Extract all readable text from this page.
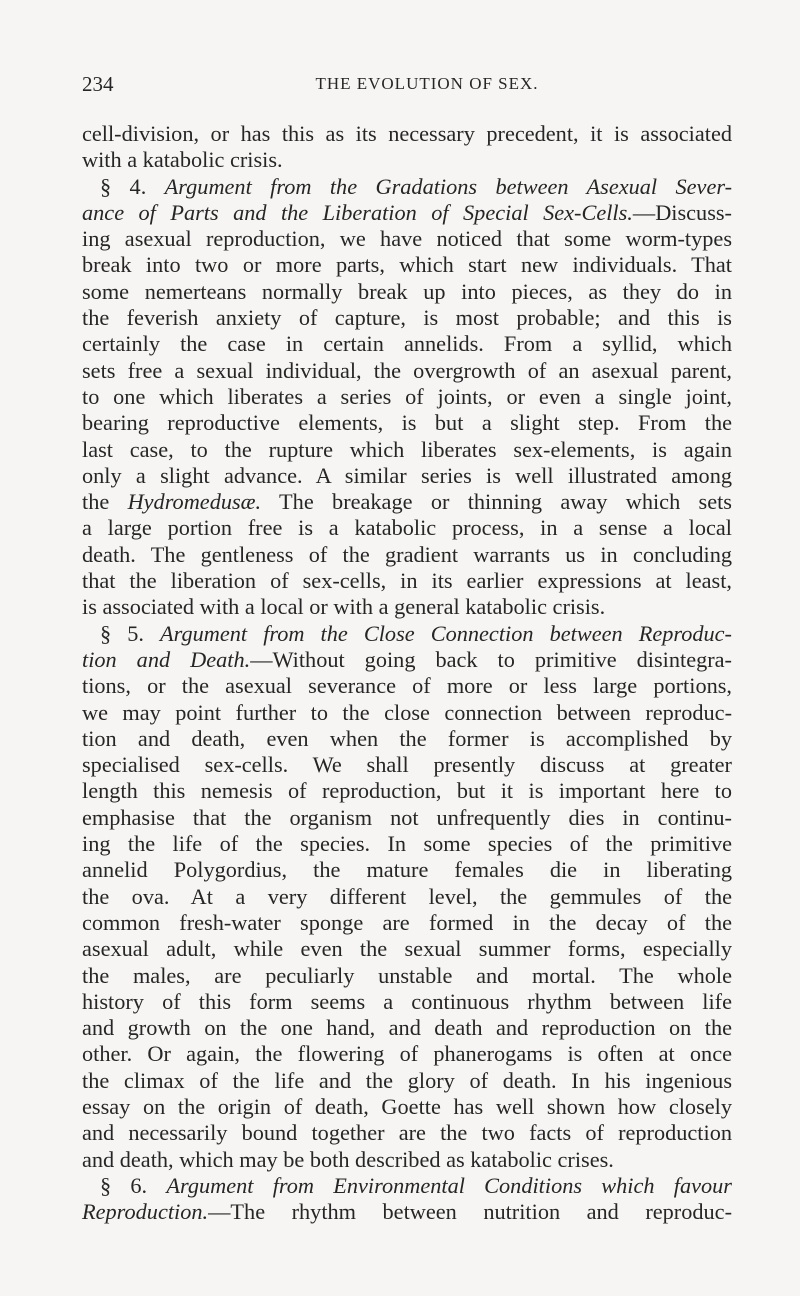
234	THE EVOLUTION OF SEX.
cell-division, or has this as its necessary precedent, it is associated
with a katabolic crisis.
§ 4. Argument from the Gradations between Asexual Sever-
ance of Parts and the Liberation of Special Sex-Cells.—Discuss-
ing asexual reproduction, we have noticed that some worm-types
break into two or more parts, which start new individuals. That
some nemerteans normally break up into pieces, as they do in
the feverish anxiety of capture, is most probable; and this is
certainly the case in certain annelids. From a syllid, which
sets free a sexual individual, the overgrowth of an asexual parent,
to one which liberates a series of joints, or even a single joint,
bearing reproductive elements, is but a slight step. From the
last case, to the rupture which liberates sex-elements, is again
only a slight advance. A similar series is well illustrated among
the Hydromedusæ. The breakage or thinning away which sets
a large portion free is a katabolic process, in a sense a local
death. The gentleness of the gradient warrants us in concluding
that the liberation of sex-cells, in its earlier expressions at least,
is associated with a local or with a general katabolic crisis.
§ 5. Argument from the Close Connection between Reproduc-
tion and Death.—Without going back to primitive disintegra-
tions, or the asexual severance of more or less large portions,
we may point further to the close connection between reproduc-
tion and death, even when the former is accomplished by
specialised sex-cells. We shall presently discuss at greater
length this nemesis of reproduction, but it is important here to
emphasise that the organism not unfrequently dies in continu-
ing the life of the species. In some species of the primitive
annelid Polygordius, the mature females die in liberating
the ova. At a very different level, the gemmules of the
common fresh-water sponge are formed in the decay of the
asexual adult, while even the sexual summer forms, especially
the males, are peculiarly unstable and mortal. The whole
history of this form seems a continuous rhythm between life
and growth on the one hand, and death and reproduction on the
other. Or again, the flowering of phanerogams is often at once
the climax of the life and the glory of death. In his ingenious
essay on the origin of death, Goette has well shown how closely
and necessarily bound together are the two facts of reproduction
and death, which may be both described as katabolic crises.
§ 6. Argument from Environmental Conditions which favour
Reproduction.—The rhythm between nutrition and reproduc-
